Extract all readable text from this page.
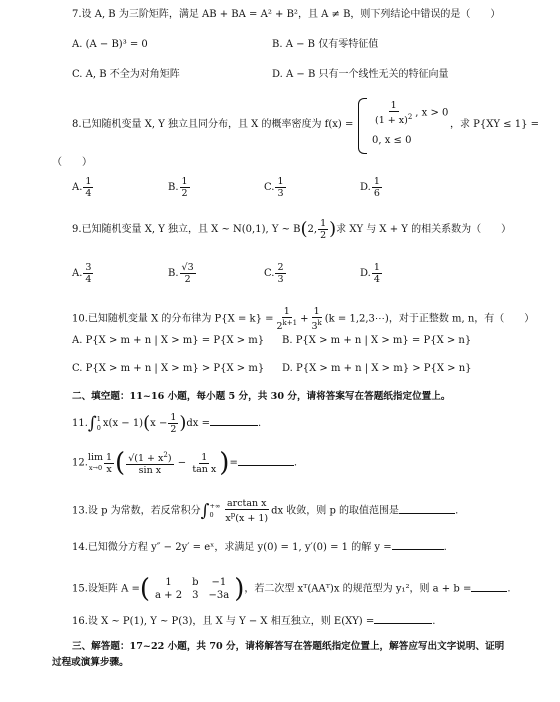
7.设 A, B 为三阶矩阵，满足 AB + BA = A² + B²，且 A ≠ B，则下列结论中错误的是（　　）
A. (A − B)³ = 0	B. A − B 仅有零特征值
C. A, B 不全为对角矩阵	D. A − B 只有一个线性无关的特征向量
8.已知随机变量 X, Y 独立且同分布，且 X 的概率密度为 $f(x) = \frac{1}{(1 + x)^2}$ , x > 0
0, x ≤ 0
，求 P{XY ≤ 1} =
（　　）
A. $\frac{1}{4}$	B. $\frac{1}{2}$	C. $\frac{1}{3}$	D. $\frac{1}{6}$
9.已知随机变量 X, Y 独立，且 X ~ N(0,1), Y ~ B(2, $\frac{1}{2}$ )求 XY 与 X + Y 的相关系数为（　　）
A. $\frac{3}{4}$	B. $\frac{√3}{2}$	C. $\frac{2}{3}$	D. $\frac{1}{4}$
10.已知随机变量 X 的分布律为 $P\{X = k\} = \frac{1}{2^{k+1}} + \frac{1}{3^k} (k$ = 1,2,3⋯)，对于正整数 m, n，有（　　）
A. P{X > m + n | X > m} = P{X > m} B. P{X > m + n | X > m} = P{X > n}
C. P{X > m + n | X > m} > P{X > m} D. P{X > m + n | X > m} > P{X > n}
二、填空题：11~16 小题，每小题 5 分，共 30 分，请将答案写在答题纸指定位置上。
11.∫ 1
0 $x(x - 1)(x - \frac{1}{2} )dx$ =	.
12.lim
$x\to 0 \frac{1}{x}$ ( $\frac{√(1 + x^2)}{\text{sin x}} - \frac{1}{\text{tan x}}$ )=	.
13.设 p 为常数，若反常积分∫ +∞
0	$\frac{\text{arctan x}}{x^p(x + 1)}$ dx 收敛，则 p 的取值范围是	.
14.已知微分方程 y″ − 2y′ = eˣ，求满足 y(0) = 1, y′(0) = 1 的解 y =	.
15.设矩阵 A =( 1	b	−1
a + 2	3	−3a )，若二次型 xᵀ(AAᵀ)x 的规范型为 y₁²，则 a + b =	.
16.设 X ~ P(1), Y ~ P(3)，且 X 与 Y − X 相互独立，则 E(XY) =	.
三、解答题：17~22 小题，共 70 分，请将解答写在答题纸指定位置上，解答应写出文字说明、证明
过程或演算步骤。
